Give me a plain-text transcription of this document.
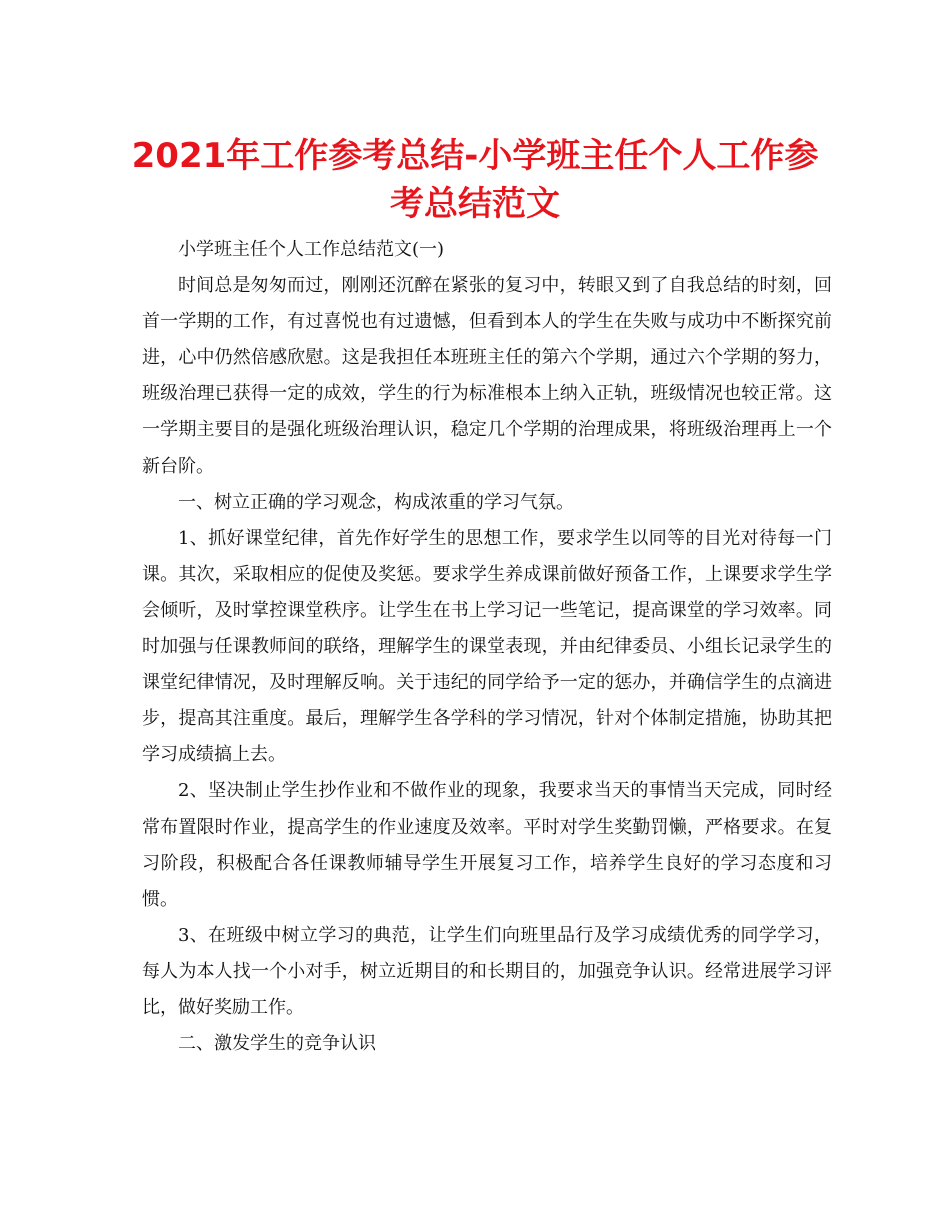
2021年工作参考总结-小学班主任个人工作参考总结范文

小学班主任个人工作总结范文(一)

时间总是匆匆而过，刚刚还沉醉在紧张的复习中，转眼又到了自我总结的时刻，回首一学期的工作，有过喜悦也有过遗憾，但看到本人的学生在失败与成功中不断探究前进，心中仍然倍感欣慰。这是我担任本班班主任的第六个学期，通过六个学期的努力，班级治理已获得一定的成效，学生的行为标准根本上纳入正轨，班级情况也较正常。这一学期主要目的是强化班级治理认识，稳定几个学期的治理成果，将班级治理再上一个新台阶。

一、树立正确的学习观念，构成浓重的学习气氛。

1、抓好课堂纪律，首先作好学生的思想工作，要求学生以同等的目光对待每一门课。其次，采取相应的促使及奖惩。要求学生养成课前做好预备工作，上课要求学生学会倾听，及时掌控课堂秩序。让学生在书上学习记一些笔记，提高课堂的学习效率。同时加强与任课教师间的联络，理解学生的课堂表现，并由纪律委员、小组长记录学生的课堂纪律情况，及时理解反响。关于违纪的同学给予一定的惩办，并确信学生的点滴进步，提高其注重度。最后，理解学生各学科的学习情况，针对个体制定措施，协助其把学习成绩搞上去。

2、坚决制止学生抄作业和不做作业的现象，我要求当天的事情当天完成，同时经常布置限时作业，提高学生的作业速度及效率。平时对学生奖勤罚懒，严格要求。在复习阶段，积极配合各任课教师辅导学生开展复习工作，培养学生良好的学习态度和习惯。

3、在班级中树立学习的典范，让学生们向班里品行及学习成绩优秀的同学学习，每人为本人找一个小对手，树立近期目的和长期目的，加强竞争认识。经常进展学习评比，做好奖励工作。

二、激发学生的竞争认识
